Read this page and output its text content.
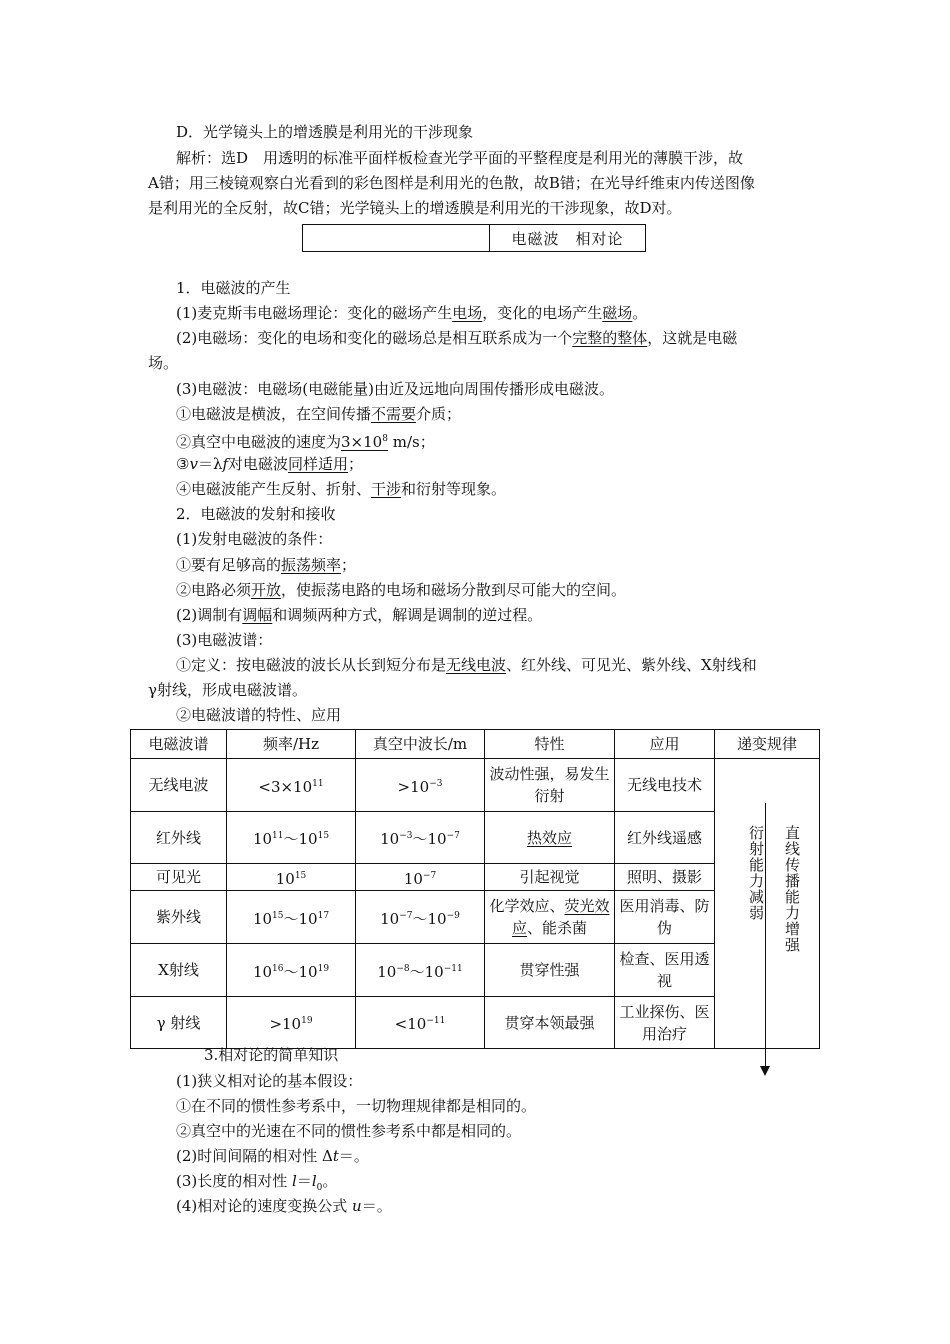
D．光学镜头上的增透膜是利用光的干涉现象
解析：选D　用透明的标准平面样板检查光学平面的平整程度是利用光的薄膜干涉，故
A错；用三棱镜观察白光看到的彩色图样是利用光的色散，故B错；在光导纤维束内传送图像
是利用光的全反射，故C错；光学镜头上的增透膜是利用光的干涉现象，故D对。
电磁波　相对论
1．电磁波的产生
(1)麦克斯韦电磁场理论：变化的磁场产生电场，变化的电场产生磁场。
(2)电磁场：变化的电场和变化的磁场总是相互联系成为一个完整的整体，这就是电磁
场。
(3)电磁波：电磁场(电磁能量)由近及远地向周围传播形成电磁波。
①电磁波是横波，在空间传播不需要介质；
②真空中电磁波的速度为$3\times 10^8$ m/s；
③v＝λf对电磁波同样适用；
④电磁波能产生反射、折射、干涉和衍射等现象。
2．电磁波的发射和接收
(1)发射电磁波的条件：
①要有足够高的振荡频率；
②电路必须开放，使振荡电路的电场和磁场分散到尽可能大的空间。
(2)调制有调幅和调频两种方式，解调是调制的逆过程。
(3)电磁波谱：
①定义：按电磁波的波长从长到短分布是无线电波、红外线、可见光、紫外线、X射线和
γ射线，形成电磁波谱。
②电磁波谱的特性、应用
电磁波谱	频率/Hz	真空中波长/m	特性	应用	递变规律
无线电波	$<3\times 10^{11}$	$>10^{-3}$	波动性强，易发生衍射	无线电技术	衍射能力减弱 直线传播能力增强

红外线	$10^{11}\sim 10^{15}$	$10^{-3}\sim 10^{-7}$	热效应	红外线遥感	
可见光	$10^{15}$	$10^{-7}$	引起视觉	照明、摄影	
紫外线	$10^{15}\sim 10^{17}$	$10^{-7}\sim 10^{-9}$	化学效应、荧光效应、能杀菌	医用消毒、防伪	
X射线	$10^{16}\sim 10^{19}$	$10^{-8}\sim 10^{-11}$	贯穿性强	检查、医用透视	
γ 射线	$>10^{19}$	$<10^{-11}$	贯穿本领最强	工业探伤、医用治疗	
3.相对论的简单知识
(1)狭义相对论的基本假设：
①在不同的惯性参考系中，一切物理规律都是相同的。
②真空中的光速在不同的惯性参考系中都是相同的。
(2)时间间隔的相对性 Δt＝。
(3)长度的相对性 $l=l_0$。
(4)相对论的速度变换公式 u＝。
